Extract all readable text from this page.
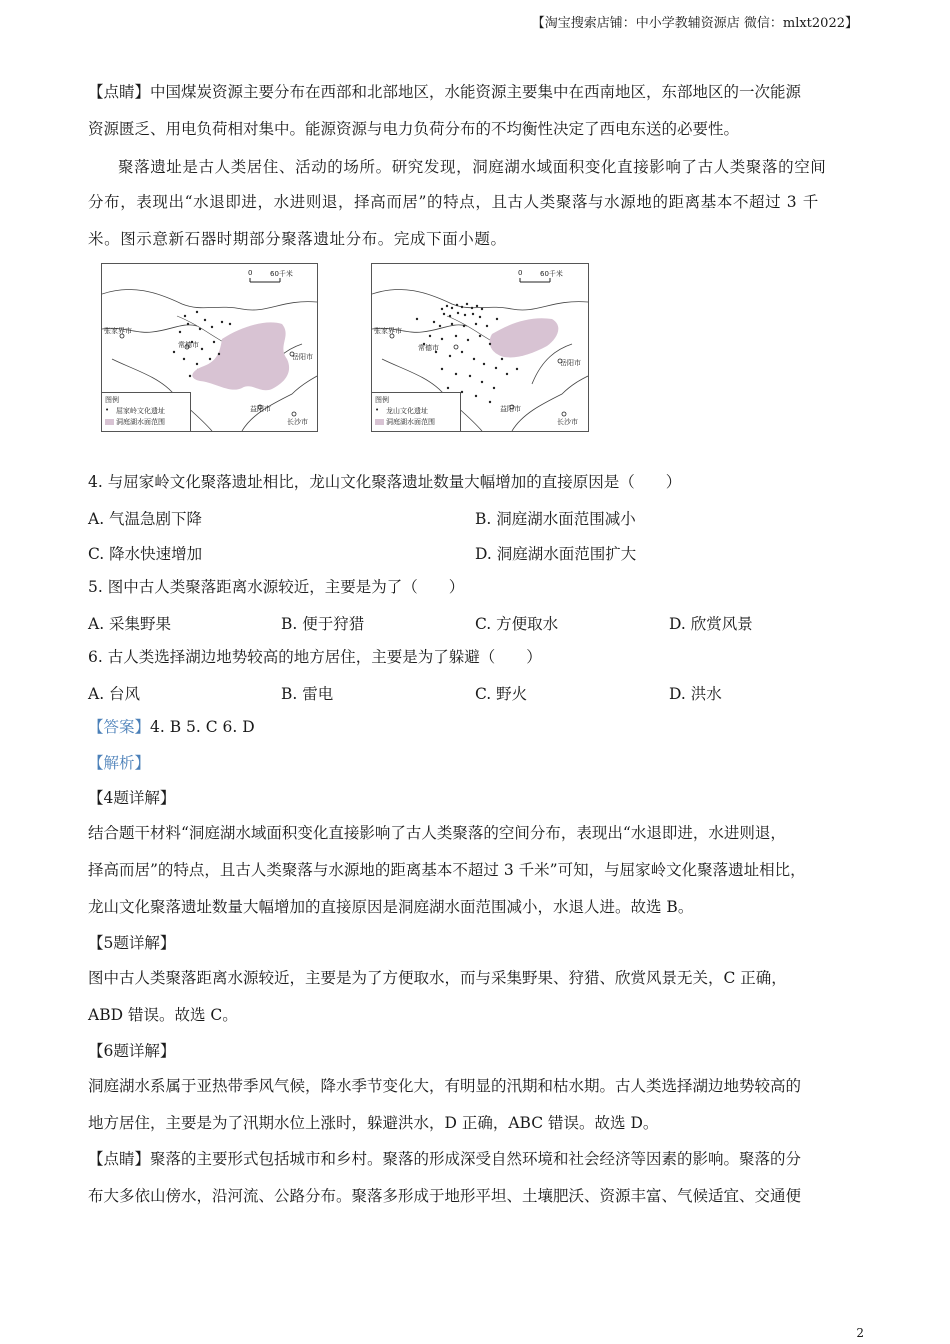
【淘宝搜索店铺：中小学教辅资源店 微信：mlxt2022】
【点睛】中国煤炭资源主要分布在西部和北部地区，水能资源主要集中在西南地区，东部地区的一次能源
资源匮乏、用电负荷相对集中。能源资源与电力负荷分布的不均衡性决定了西电东送的必要性。
聚落遗址是古人类居住、活动的场所。研究发现，洞庭湖水域面积变化直接影响了古人类聚落的空间
分布，表现出“水退即进，水进则退，择高而居”的特点，且古人类聚落与水源地的距离基本不超过 3 千
米。图示意新石器时期部分聚落遗址分布。完成下面小题。
0	60千米
张家界市
常德市
岳阳市
益阳市
长沙市
图例
• 屈家岭文化遗址
洞庭湖水面范围
0	60千米
张家界市
常德市
岳阳市
益阳市
长沙市
图例
• 龙山文化遗址
洞庭湖水面范围
4. 与屈家岭文化聚落遗址相比，龙山文化聚落遗址数量大幅增加的直接原因是（　　）
A. 气温急剧下降	B. 洞庭湖水面范围减小
C. 降水快速增加	D. 洞庭湖水面范围扩大
5. 图中古人类聚落距离水源较近，主要是为了（　　）
A. 采集野果	B. 便于狩猎	C. 方便取水	D. 欣赏风景
6. 古人类选择湖边地势较高的地方居住，主要是为了躲避（　　）
A. 台风	B. 雷电	C. 野火	D. 洪水
【答案】4. B 5. C 6. D
【解析】
【4题详解】
结合题干材料“洞庭湖水域面积变化直接影响了古人类聚落的空间分布，表现出“水退即进，水进则退，
择高而居”的特点，且古人类聚落与水源地的距离基本不超过 3 千米”可知，与屈家岭文化聚落遗址相比，
龙山文化聚落遗址数量大幅增加的直接原因是洞庭湖水面范围减小，水退人进。故选 B。
【5题详解】
图中古人类聚落距离水源较近，主要是为了方便取水，而与采集野果、狩猎、欣赏风景无关，C 正确，
ABD 错误。故选 C。
【6题详解】
洞庭湖水系属于亚热带季风气候，降水季节变化大，有明显的汛期和枯水期。古人类选择湖边地势较高的
地方居住，主要是为了汛期水位上涨时，躲避洪水，D 正确，ABC 错误。故选 D。
【点睛】聚落的主要形式包括城市和乡村。聚落的形成深受自然环境和社会经济等因素的影响。聚落的分
布大多依山傍水，沿河流、公路分布。聚落多形成于地形平坦、土壤肥沃、资源丰富、气候适宜、交通便
2
